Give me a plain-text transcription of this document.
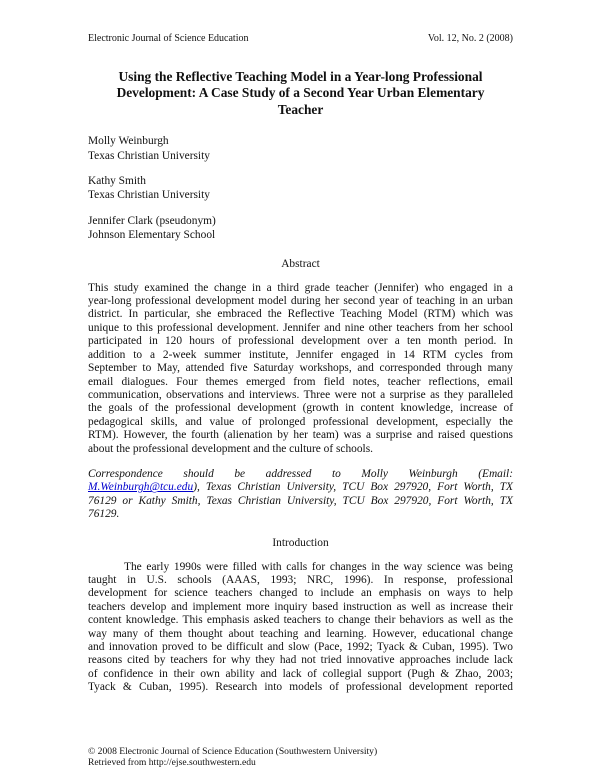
Electronic Journal of Science Education	Vol. 12, No. 2 (2008)
Using the Reflective Teaching Model in a Year-long Professional
Development: A Case Study of a Second Year Urban Elementary
Teacher
Molly Weinburgh
Texas Christian University
Kathy Smith
Texas Christian University
Jennifer Clark (pseudonym)
Johnson Elementary School
Abstract

This study examined the change in a third grade teacher (Jennifer) who engaged in a
year-long professional development model during her second year of teaching in an urban
district. In particular, she embraced the Reflective Teaching Model (RTM) which was
unique to this professional development. Jennifer and nine other teachers from her school
participated in 120 hours of professional development over a ten month period. In
addition to a 2-week summer institute, Jennifer engaged in 14 RTM cycles from
September to May, attended five Saturday workshops, and corresponded through many
email dialogues. Four themes emerged from field notes, teacher reflections, email
communication, observations and interviews. Three were not a surprise as they paralleled
the goals of the professional development (growth in content knowledge, increase of
pedagogical skills, and value of prolonged professional development, especially the
RTM). However, the fourth (alienation by her team) was a surprise and raised questions
about the professional development and the culture of schools.

Correspondence should be addressed to Molly Weinburgh (Email:
M.Weinburgh@tcu.edu), Texas Christian University, TCU Box 297920, Fort Worth, TX
76129 or Kathy Smith, Texas Christian University, TCU Box 297920, Fort Worth, TX
76129.

Introduction

The early 1990s were filled with calls for changes in the way science was being
taught in U.S. schools (AAAS, 1993; NRC, 1996). In response, professional
development for science teachers changed to include an emphasis on ways to help
teachers develop and implement more inquiry based instruction as well as increase their
content knowledge. This emphasis asked teachers to change their behaviors as well as the
way many of them thought about teaching and learning. However, educational change
and innovation proved to be difficult and slow (Pace, 1992; Tyack & Cuban, 1995). Two
reasons cited by teachers for why they had not tried innovative approaches include lack
of confidence in their own ability and lack of collegial support (Pugh & Zhao, 2003;
Tyack & Cuban, 1995). Research into models of professional development reported

© 2008 Electronic Journal of Science Education (Southwestern University)
Retrieved from http://ejse.southwestern.edu
